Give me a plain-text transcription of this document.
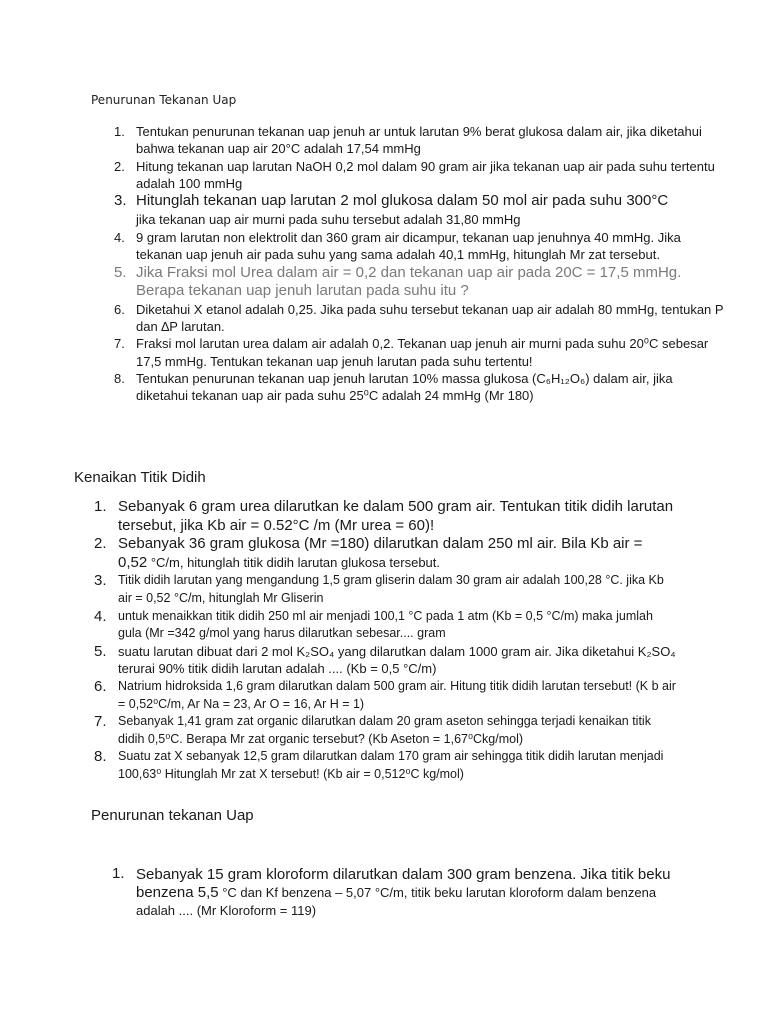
Penurunan Tekanan Uap
1. Tentukan penurunan tekanan uap jenuh ar untuk larutan 9% berat glukosa dalam air, jika diketahui bahwa tekanan uap air 20°C adalah 17,54 mmHg
2. Hitung tekanan uap larutan NaOH 0,2 mol dalam 90 gram air jika tekanan uap air pada suhu tertentu adalah 100 mmHg
3. Hitunglah tekanan uap larutan 2 mol glukosa dalam 50 mol air pada suhu 300°C
jika tekanan uap air murni pada suhu tersebut adalah 31,80 mmHg
4. 9 gram larutan non elektrolit dan 360 gram air dicampur, tekanan uap jenuhnya 40 mmHg. Jika tekanan uap jenuh air pada suhu yang sama adalah 40,1 mmHg, hitunglah Mr zat tersebut.
5. Jika Fraksi mol Urea dalam air = 0,2 dan tekanan uap air pada 20C = 17,5 mmHg. Berapa tekanan uap jenuh larutan pada suhu itu ?
6. Diketahui X etanol adalah 0,25. Jika pada suhu tersebut tekanan uap air adalah 80 mmHg, tentukan P dan ∆P larutan.
7. Fraksi mol larutan urea dalam air adalah 0,2. Tekanan uap jenuh air murni pada suhu 20⁰C sebesar 17,5 mmHg. Tentukan tekanan uap jenuh larutan pada suhu tertentu!
8. Tentukan penurunan tekanan uap jenuh larutan 10% massa glukosa (C₆H₁₂O₆) dalam air, jika diketahui tekanan uap air pada suhu 25⁰C adalah 24 mmHg (Mr 180)
Kenaikan Titik Didih
1. Sebanyak 6 gram urea dilarutkan ke dalam 500 gram air. Tentukan titik didih larutan tersebut, jika Kb air = 0.52°C /m (Mr urea = 60)!
2. Sebanyak 36 gram glukosa (Mr =180) dilarutkan dalam 250 ml air. Bila Kb air =
0,52 °C/m, hitunglah titik didih larutan glukosa tersebut.
3. Titik didih larutan yang mengandung 1,5 gram gliserin dalam 30 gram air adalah 100,28 °C. jika Kb air = 0,52 °C/m, hitunglah Mr Gliserin
4. untuk menaikkan titik didih 250 ml air menjadi 100,1 °C pada 1 atm (Kb = 0,5 °C/m) maka jumlah gula (Mr =342 g/mol yang harus dilarutkan sebesar.... gram
5. suatu larutan dibuat dari 2 mol K₂SO₄ yang dilarutkan dalam 1000 gram air. Jika diketahui K₂SO₄ terurai 90% titik didih larutan adalah .... (Kb = 0,5 °C/m)
6. Natrium hidroksida 1,6 gram dilarutkan dalam 500 gram air. Hitung titik didih larutan tersebut! (K b air = 0,52⁰C/m, Ar Na = 23, Ar O = 16, Ar H = 1)
7. Sebanyak 1,41 gram zat organic dilarutkan dalam 20 gram aseton sehingga terjadi kenaikan titik didih 0,5⁰C. Berapa Mr zat organic tersebut? (Kb Aseton = 1,67⁰Ckg/mol)
8. Suatu zat X sebanyak 12,5 gram dilarutkan dalam 170 gram air sehingga titik didih larutan menjadi 100,63⁰ Hitunglah Mr zat X tersebut! (Kb air = 0,512⁰C kg/mol)
Penurunan tekanan Uap
1. Sebanyak 15 gram kloroform dilarutkan dalam 300 gram benzena. Jika titik beku
benzena 5,5 °C dan Kf benzena – 5,07 °C/m, titik beku larutan kloroform dalam benzena adalah .... (Mr Kloroform = 119)
